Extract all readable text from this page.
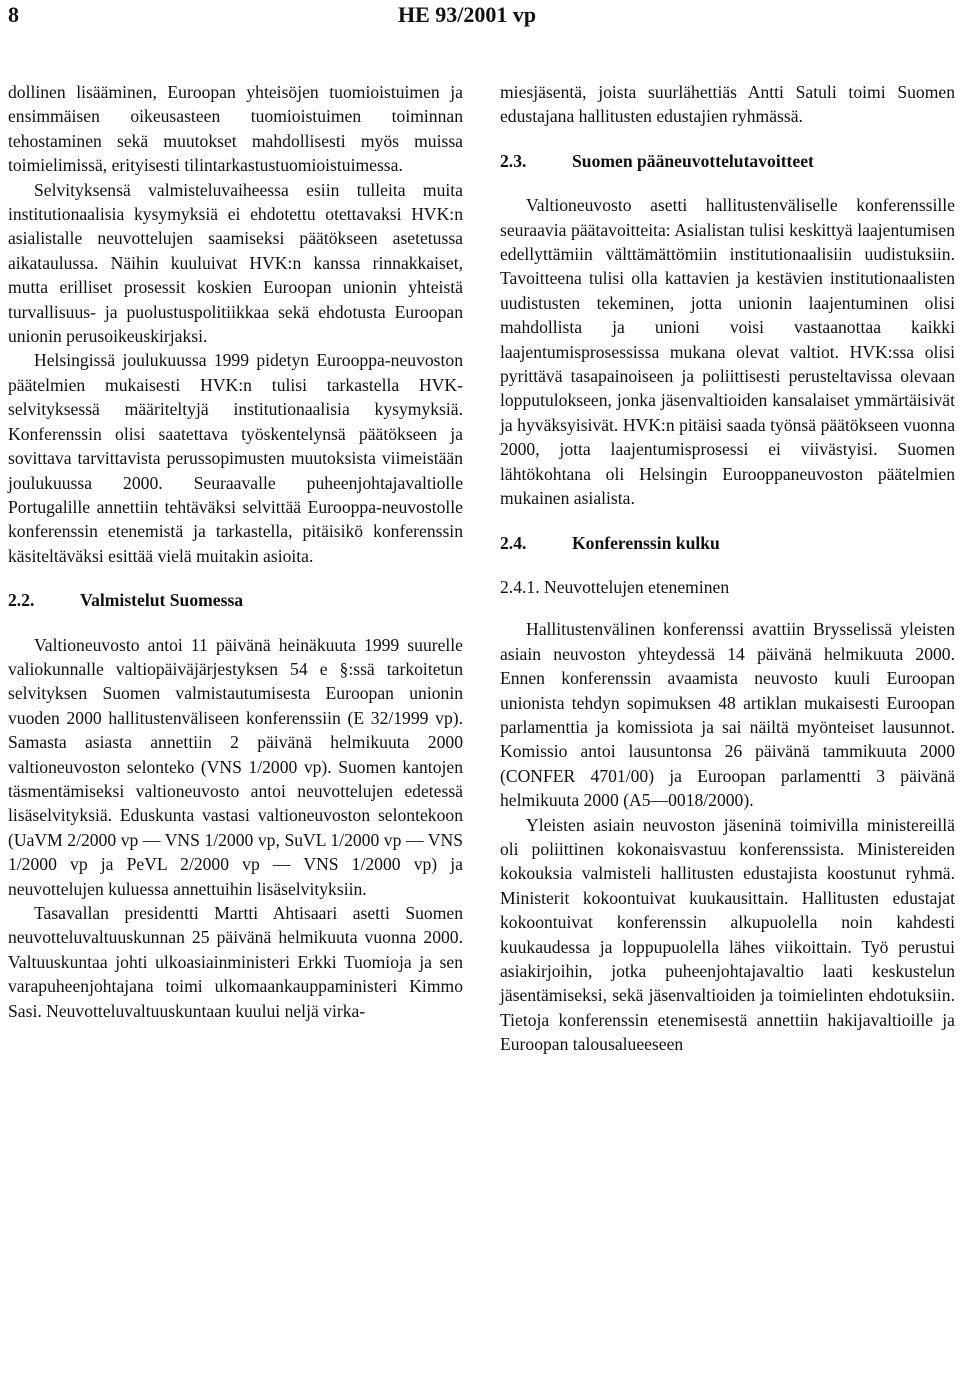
8	HE 93/2001 vp

dollinen lisääminen, Euroopan yhteisöjen tuomioistuimen ja ensimmäisen oikeusasteen tuomioistuimen toiminnan tehostaminen sekä muutokset mahdollisesti myös muissa toimielimissä, erityisesti tilintarkastustuomioistuimessa.

Selvityksensä valmisteluvaiheessa esiin tulleita muita institutionaalisia kysymyksiä ei ehdotettu otettavaksi HVK:n asialistalle neuvottelujen saamiseksi päätökseen asetetussa aikataulussa. Näihin kuuluivat HVK:n kanssa rinnakkaiset, mutta erilliset prosessit koskien Euroopan unionin yhteistä turvallisuus- ja puolustuspolitiikkaa sekä ehdotusta Euroopan unionin perusoikeuskirjaksi.

Helsingissä joulukuussa 1999 pidetyn Eurooppa-neuvoston päätelmien mukaisesti HVK:n tulisi tarkastella HVK-selvityksessä määriteltyjä institutionaalisia kysymyksiä. Konferenssin olisi saatettava työskentelynsä päätökseen ja sovittava tarvittavista perussopimusten muutoksista viimeistään joulukuussa 2000. Seuraavalle puheenjohtajavaltiolle Portugalille annettiin tehtäväksi selvittää Eurooppa-neuvostolle konferenssin etenemistä ja tarkastella, pitäisikö konferenssin käsiteltäväksi esittää vielä muitakin asioita.

2.2.	Valmistelut Suomessa

Valtioneuvosto antoi 11 päivänä heinäkuuta 1999 suurelle valiokunnalle valtiopäiväjärjestyksen 54 e §:ssä tarkoitetun selvityksen Suomen valmistautumisesta Euroopan unionin vuoden 2000 hallitustenväliseen konferenssiin (E 32/1999 vp). Samasta asiasta annettiin 2 päivänä helmikuuta 2000 valtioneuvoston selonteko (VNS 1/2000 vp). Suomen kantojen täsmentämiseksi valtioneuvosto antoi neuvottelujen edetessä lisäselvityksiä. Eduskunta vastasi valtioneuvoston selontekoon (UaVM 2/2000 vp — VNS 1/2000 vp, SuVL 1/2000 vp — VNS 1/2000 vp ja PeVL 2/2000 vp — VNS 1/2000 vp) ja neuvottelujen kuluessa annettuihin lisäselvityksiin.

Tasavallan presidentti Martti Ahtisaari asetti Suomen neuvotteluvaltuuskunnan 25 päivänä helmikuuta vuonna 2000. Valtuuskuntaa johti ulkoasiainministeri Erkki Tuomioja ja sen varapuheenjohtajana toimi ulkomaankauppaministeri Kimmo Sasi. Neuvotteluvaltuuskuntaan kuului neljä virka-

miesjäsentä, joista suurlähettiäs Antti Satuli toimi Suomen edustajana hallitusten edustajien ryhmässä.

2.3.	Suomen pääneuvottelutavoitteet

Valtioneuvosto asetti hallitustenväliselle konferenssille seuraavia päätavoitteita: Asialistan tulisi keskittyä laajentumisen edellyttämiin välttämättömiin institutionaalisiin uudistuksiin. Tavoitteena tulisi olla kattavien ja kestävien institutionaalisten uudistusten tekeminen, jotta unionin laajentuminen olisi mahdollista ja unioni voisi vastaanottaa kaikki laajentumisprosessissa mukana olevat valtiot. HVK:ssa olisi pyrittävä tasapainoiseen ja poliittisesti perusteltavissa olevaan lopputulokseen, jonka jäsenvaltioiden kansalaiset ymmärtäisivät ja hyväksyisivät. HVK:n pitäisi saada työnsä päätökseen vuonna 2000, jotta laajentumisprosessi ei viivästyisi. Suomen lähtökohtana oli Helsingin Eurooppaneuvoston päätelmien mukainen asialista.

2.4.	Konferenssin kulku
2.4.1. Neuvottelujen eteneminen

Hallitustenvälinen konferenssi avattiin Brysselissä yleisten asiain neuvoston yhteydessä 14 päivänä helmikuuta 2000. Ennen konferenssin avaamista neuvosto kuuli Euroopan unionista tehdyn sopimuksen 48 artiklan mukaisesti Euroopan parlamenttia ja komissiota ja sai näiltä myönteiset lausunnot. Komissio antoi lausuntonsa 26 päivänä tammikuuta 2000 (CONFER 4701/00) ja Euroopan parlamentti 3 päivänä helmikuuta 2000 (A5—0018/2000).

Yleisten asiain neuvoston jäseninä toimivilla ministereillä oli poliittinen kokonaisvastuu konferenssista. Ministereiden kokouksia valmisteli hallitusten edustajista koostunut ryhmä. Ministerit kokoontuivat kuukausittain. Hallitusten edustajat kokoontuivat konferenssin alkupuolella noin kahdesti kuukaudessa ja loppupuolella lähes viikoittain. Työ perustui asiakirjoihin, jotka puheenjohtajavaltio laati keskustelun jäsentämiseksi, sekä jäsenvaltioiden ja toimielinten ehdotuksiin. Tietoja konferenssin etenemisestä annettiin hakijavaltioille ja Euroopan talousalueeseen
